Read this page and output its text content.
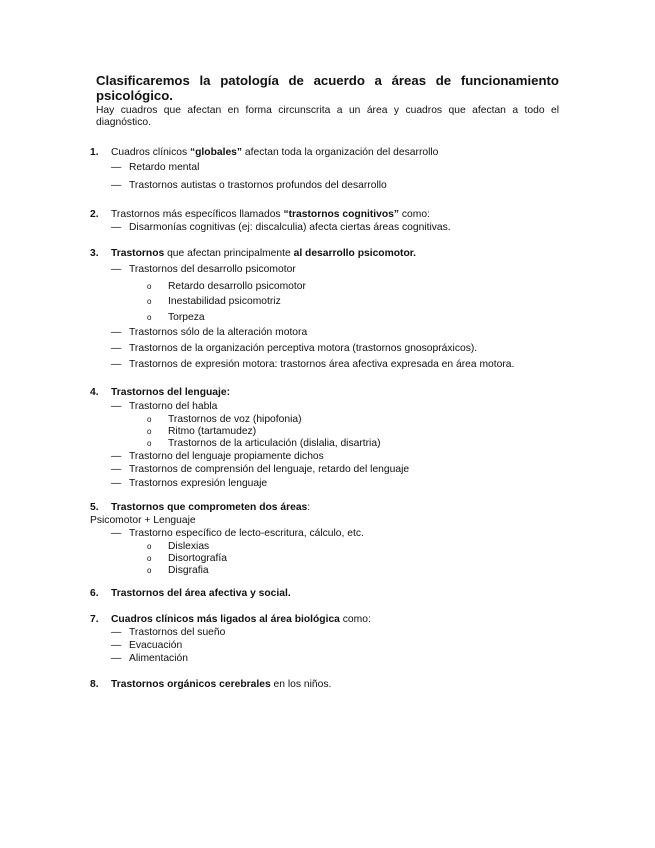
Clasificaremos la patología de acuerdo a áreas de funcionamiento psicológico.
Hay cuadros que afectan en forma circunscrita a un área y cuadros que afectan a todo el diagnóstico.
1. Cuadros clínicos “globales” afectan toda la organización del desarrollo
— Retardo mental
— Trastornos autistas o trastornos profundos del desarrollo
2. Trastornos más específicos llamados “trastornos cognitivos” como:
— Disarmonías cognitivas (ej: discalculia) afecta ciertas áreas cognitivas.
3. Trastornos que afectan principalmente al desarrollo psicomotor.
— Trastornos del desarrollo psicomotor
o Retardo desarrollo psicomotor
o Inestabilidad psicomotriz
o Torpeza
— Trastornos sólo de la alteración motora
— Trastornos de la organización perceptiva motora (trastornos gnosopráxicos).
— Trastornos de expresión motora: trastornos área afectiva expresada en área motora.
4. Trastornos del lenguaje:
— Trastorno del habla
o Trastornos de voz (hipofonia)
o Ritmo (tartamudez)
o Trastornos de la articulación (dislalia, disartria)
— Trastorno del lenguaje propiamente dichos
— Trastornos de comprensión del lenguaje, retardo del lenguaje
— Trastornos expresión lenguaje
5. Trastornos que comprometen dos áreas:
Psicomotor + Lenguaje
— Trastorno específico de lecto-escritura, cálculo, etc.
o Dislexias
o Disortografía
o Disgrafia
6. Trastornos del área afectiva y social.
7. Cuadros clínicos más ligados al área biológica como:
— Trastornos del sueño
— Evacuación
— Alimentación
8. Trastornos orgánicos cerebrales en los niños.
